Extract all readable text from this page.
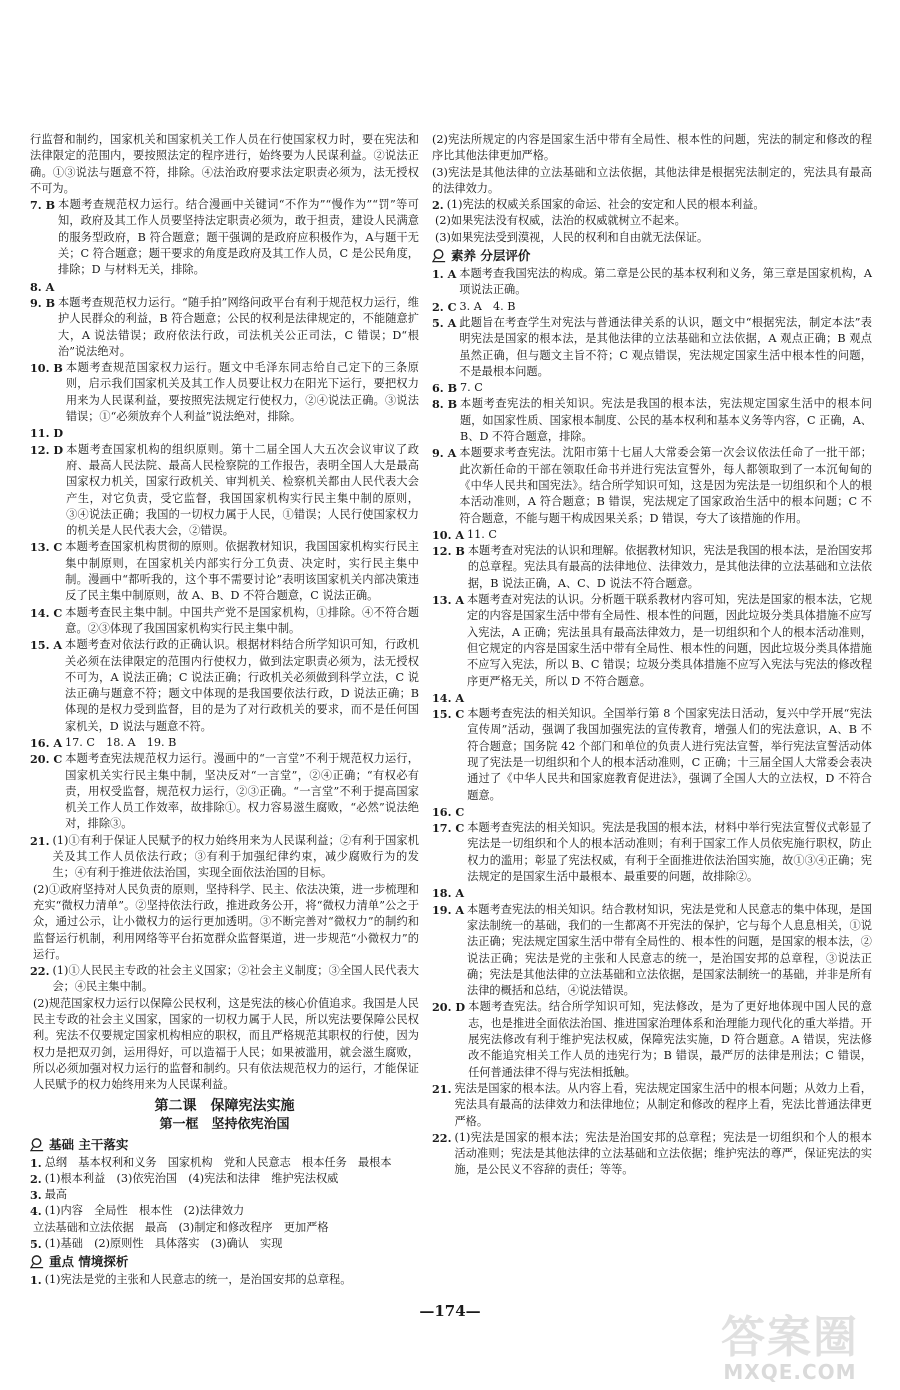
行监督和制约，国家机关和国家机关工作人员在行使国家权力时，要在宪法和法律限定的范围内，要按照法定的程序进行，始终要为人民谋利益。②说法正确。①③说法与题意不符，排除。④法治政府要求法定职责必须为，法无授权不可为。

7. B 本题考查规范权力运行。结合漫画中关键词“不作为”“慢作为”“罚”等可知，政府及其工作人员要坚持法定职责必须为，敢于担责，建设人民满意的服务型政府，B 符合题意；题干强调的是政府应积极作为，A与题干无关；C 符合题意；题干要求的角度是政府及其工作人员，C 是公民角度，排除；D 与材料无关，排除。
8. A
9. B 本题考查规范权力运行。“随手拍”网络问政平台有利于规范权力运行，维护人民群众的利益，B 符合题意；公民的权利是法律规定的，不能随意扩大，A 说法错误；政府依法行政，司法机关公正司法，C 错误；D“根治”说法绝对。
10. B 本题考查规范国家权力运行。题文中毛泽东同志给自己定下的三条原则，启示我们国家机关及其工作人员要让权力在阳光下运行，要把权力用来为人民谋利益，要按照宪法规定行使权力，②④说法正确。③说法错误；①“必须放弃个人利益”说法绝对，排除。
11. D
12. D 本题考查国家机构的组织原则。第十二届全国人大五次会议审议了政府、最高人民法院、最高人民检察院的工作报告，表明全国人大是最高国家权力机关，国家行政机关、审判机关、检察机关都由人民代表大会产生，对它负责，受它监督，我国国家机构实行民主集中制的原则，③④说法正确；我国的一切权力属于人民，①错误；人民行使国家权力的机关是人民代表大会，②错误。
13. C 本题考查国家机构贯彻的原则。依据教材知识，我国国家机构实行民主集中制原则，在国家机关内部实行分工负责、决定时，实行民主集中制。漫画中“都听我的，这个事不需要讨论”表明该国家机关内部决策违反了民主集中制原则，故 A、B、D 不符合题意，C 说法正确。
14. C 本题考查民主集中制。中国共产党不是国家机构，①排除。④不符合题意。②③体现了我国国家机构实行民主集中制。
15. A 本题考查对依法行政的正确认识。根据材料结合所学知识可知，行政机关必须在法律限定的范围内行使权力，做到法定职责必须为，法无授权不可为，A 说法正确；C 说法正确；行政机关必须做到科学立法，C 说法正确与题意不符；题文中体现的是我国要依法行政，D 说法正确；B 体现的是权力受到监督，目的是为了对行政机关的要求，而不是任何国家机关，D 说法与题意不符。
16. A 17. C　18. A　19. B
20. C 本题考查宪法规范权力运行。漫画中的“一言堂”不利于规范权力运行，国家机关实行民主集中制，坚决反对“一言堂”，②④正确；“有权必有责，用权受监督，规范权力运行，②③正确。“一言堂”不利于提高国家机关工作人员工作效率，故排除①。权力容易滋生腐败，“必然”说法绝对，排除③。
21. (1)①有利于保证人民赋予的权力始终用来为人民谋利益；②有利于国家机关及其工作人员依法行政；③有利于加强纪律约束，减少腐败行为的发生；④有利于推进依法治国，实现全面依法治国的目标。
(2)①政府坚持对人民负责的原则，坚持科学、民主、依法决策，进一步梳理和充实“微权力清单”。②坚持依法行政，推进政务公开，将“微权力清单”公之于众，通过公示，让小微权力的运行更加透明。③不断完善对“微权力”的制约和监督运行机制，利用网络等平台拓宽群众监督渠道，进一步规范“小微权力”的运行。
22. (1)①人民民主专政的社会主义国家；②社会主义制度；③全国人民代表大会；④民主集中制。
(2)规范国家权力运行以保障公民权利，这是宪法的核心价值追求。我国是人民民主专政的社会主义国家，国家的一切权力属于人民，所以宪法要保障公民权利。宪法不仅要规定国家机构相应的职权，而且严格规范其职权的行使，因为权力是把双刃剑，运用得好，可以造福于人民；如果被滥用，就会滋生腐败，所以必须加强对权力运行的监督和制约。只有依法规范权力的运行，才能保证人民赋予的权力始终用来为人民谋利益。
第二课　保障宪法实施
第一框　坚持依宪治国
基础 主干落实
1. 总纲　基本权利和义务　国家机构　党和人民意志　根本任务　最根本
2. (1)根本利益　(3)依宪治国　(4)宪法和法律　维护宪法权威
3. 最高
4. (1)内容　全局性　根本性　(2)法律效力
立法基础和立法依据　最高　(3)制定和修改程序　更加严格
5. (1)基础　(2)原则性　具体落实　(3)确认　实现
重点 情境探析
1. (1)宪法是党的主张和人民意志的统一，是治国安邦的总章程。

(2)宪法所规定的内容是国家生活中带有全局性、根本性的问题，宪法的制定和修改的程序比其他法律更加严格。

(3)宪法是其他法律的立法基础和立法依据，其他法律是根据宪法制定的，宪法具有最高的法律效力。

2. (1)宪法的权威关系国家的命运、社会的安定和人民的根本利益。
(2)如果宪法没有权威，法治的权威就树立不起来。
(3)如果宪法受到漠视，人民的权利和自由就无法保证。
素养 分层评价
1. A 本题考查我国宪法的构成。第二章是公民的基本权利和义务，第三章是国家机构，A 项说法正确。
2. C 3. A　4. B
5. A 此题旨在考查学生对宪法与普通法律关系的认识，题文中“根据宪法，制定本法”表明宪法是国家的根本法，是其他法律的立法基础和立法依据，A 观点正确；B 观点虽然正确，但与题文主旨不符；C 观点错误，宪法规定国家生活中根本性的问题，不是最根本问题。
6. B 7. C
8. B 本题考查宪法的相关知识。宪法是我国的根本法，宪法规定国家生活中的根本问题，如国家性质、国家根本制度、公民的基本权利和基本义务等内容，C 正确，A、B、D 不符合题意，排除。
9. A 本题要求考查宪法。沈阳市第十七届人大常委会第一次会议依法任命了一批干部；此次新任命的干部在领取任命书并进行宪法宣誓外，每人都领取到了一本沉甸甸的《中华人民共和国宪法》。结合所学知识可知，这是因为宪法是一切组织和个人的根本活动准则，A 符合题意；B 错误，宪法规定了国家政治生活中的根本问题；C 不符合题意，不能与题干构成因果关系；D 错误，夸大了该措施的作用。
10. A 11. C
12. B 本题考查对宪法的认识和理解。依据教材知识，宪法是我国的根本法，是治国安邦的总章程。宪法具有最高的法律地位、法律效力，是其他法律的立法基础和立法依据，B 说法正确，A、C、D 说法不符合题意。
13. A 本题考查对宪法的认识。分析题干联系教材内容可知，宪法是国家的根本法，它规定的内容是国家生活中带有全局性、根本性的问题，因此垃圾分类具体措施不应写入宪法，A 正确；宪法虽具有最高法律效力，是一切组织和个人的根本活动准则，但它规定的内容是国家生活中带有全局性、根本性的问题，因此垃圾分类具体措施不应写入宪法，所以 B、C 错误；垃圾分类具体措施不应写入宪法与宪法的修改程序更严格无关，所以 D 不符合题意。
14. A
15. C 本题考查宪法的相关知识。全国举行第 8 个国家宪法日活动，复兴中学开展“宪法宣传周”活动，强调了我国加强宪法的宣传教育，增强人们的宪法意识，A、B 不符合题意；国务院 42 个部门和单位的负责人进行宪法宣誓，举行宪法宣誓活动体现了宪法是一切组织和个人的根本活动准则，C 正确；十三届全国人大常委会表决通过了《中华人民共和国家庭教育促进法》，强调了全国人大的立法权，D 不符合题意。
16. C
17. C 本题考查宪法的相关知识。宪法是我国的根本法，材料中举行宪法宣誓仪式彰显了宪法是一切组织和个人的根本活动准则；有利于国家工作人员依宪施行职权，防止权力的滥用；彰显了宪法权威，有利于全面推进依法治国实施，故①③④正确；宪法规定的是国家生活中最根本、最重要的问题，故排除②。
18. A
19. A 本题考查宪法的相关知识。结合教材知识，宪法是党和人民意志的集中体现，是国家法制统一的基础，我们的一生都离不开宪法的保护，它与每个人息息相关，①说法正确；宪法规定国家生活中带有全局性的、根本性的问题，是国家的根本法，②说法正确；宪法是党的主张和人民意志的统一，是治国安邦的总章程，③说法正确；宪法是其他法律的立法基础和立法依据，是国家法制统一的基础，并非是所有法律的概括和总结，④说法错误。
20. D 本题考查宪法。结合所学知识可知，宪法修改，是为了更好地体现中国人民的意志，也是推进全面依法治国、推进国家治理体系和治理能力现代化的重大举措。开展宪法修改有利于维护宪法权威，保障宪法实施，D 符合题意。A 错误，宪法修改不能追究相关工作人员的违宪行为；B 错误，最严厉的法律是刑法；C 错误，任何普通法律不得与宪法相抵触。
21. 宪法是国家的根本法。从内容上看，宪法规定国家生活中的根本问题；从效力上看，宪法具有最高的法律效力和法律地位；从制定和修改的程序上看，宪法比普通法律更严格。
22. (1)宪法是国家的根本法；宪法是治国安邦的总章程；宪法是一切组织和个人的根本活动准则；宪法是其他法律的立法基础和立法依据；维护宪法的尊严，保证宪法的实施，是公民义不容辞的责任；等等。
—174—
答案圈
MXQE.COM
